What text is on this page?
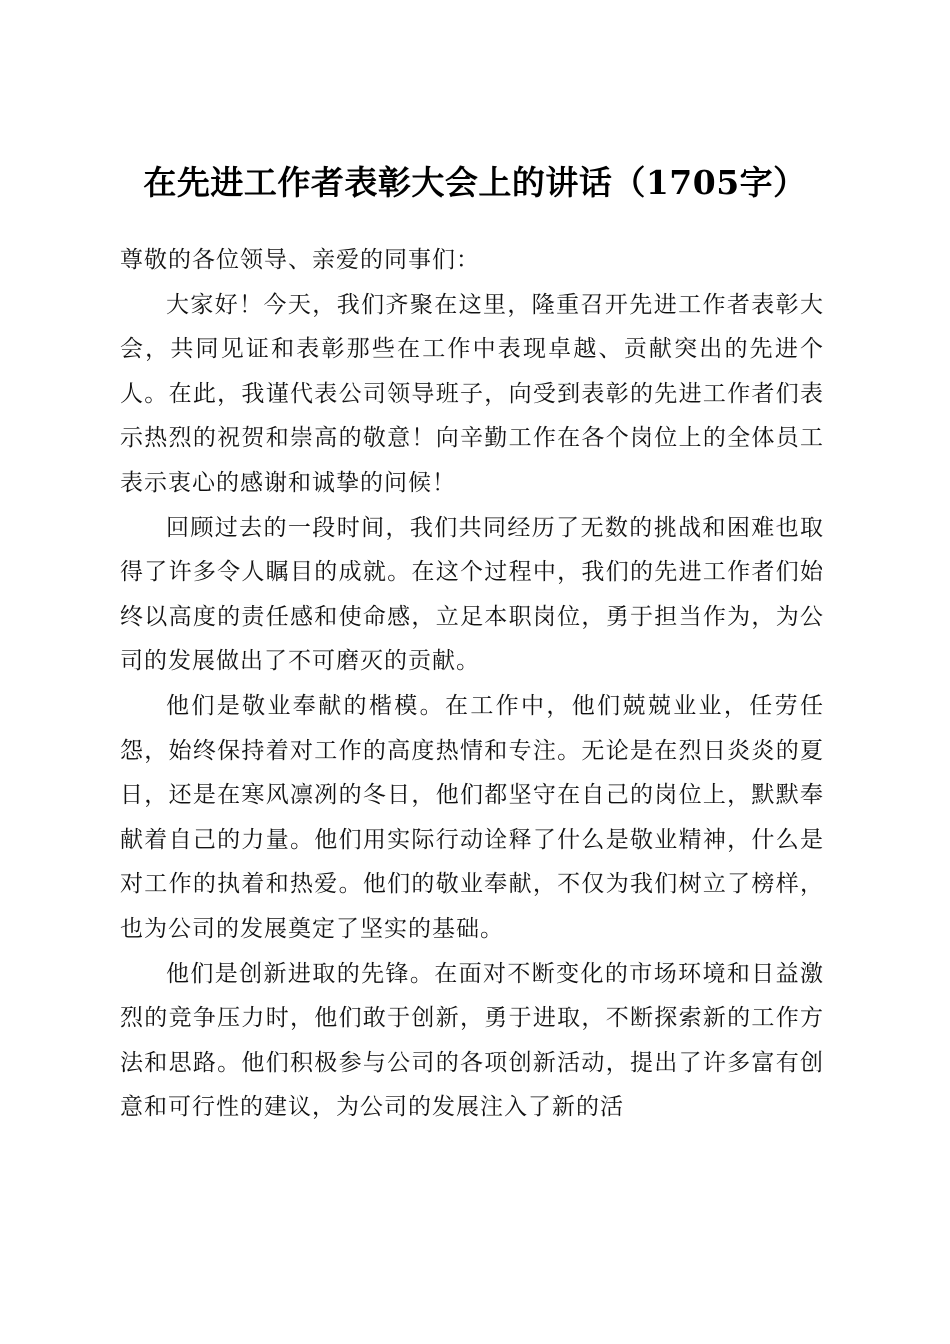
在先进工作者表彰大会上的讲话（1705字）

尊敬的各位领导、亲爱的同事们：

大家好！今天，我们齐聚在这里，隆重召开先进工作者表彰大会，共同见证和表彰那些在工作中表现卓越、贡献突出的先进个人。在此，我谨代表公司领导班子，向受到表彰的先进工作者们表示热烈的祝贺和崇高的敬意！向辛勤工作在各个岗位上的全体员工表示衷心的感谢和诚挚的问候！

回顾过去的一段时间，我们共同经历了无数的挑战和困难也取得了许多令人瞩目的成就。在这个过程中，我们的先进工作者们始终以高度的责任感和使命感，立足本职岗位，勇于担当作为，为公司的发展做出了不可磨灭的贡献。

他们是敬业奉献的楷模。在工作中，他们兢兢业业，任劳任怨，始终保持着对工作的高度热情和专注。无论是在烈日炎炎的夏日，还是在寒风凛冽的冬日，他们都坚守在自己的岗位上，默默奉献着自己的力量。他们用实际行动诠释了什么是敬业精神，什么是对工作的执着和热爱。他们的敬业奉献，不仅为我们树立了榜样，也为公司的发展奠定了坚实的基础。

他们是创新进取的先锋。在面对不断变化的市场环境和日益激烈的竞争压力时，他们敢于创新，勇于进取，不断探索新的工作方法和思路。他们积极参与公司的各项创新活动，提出了许多富有创意和可行性的建议，为公司的发展注入了新的活
